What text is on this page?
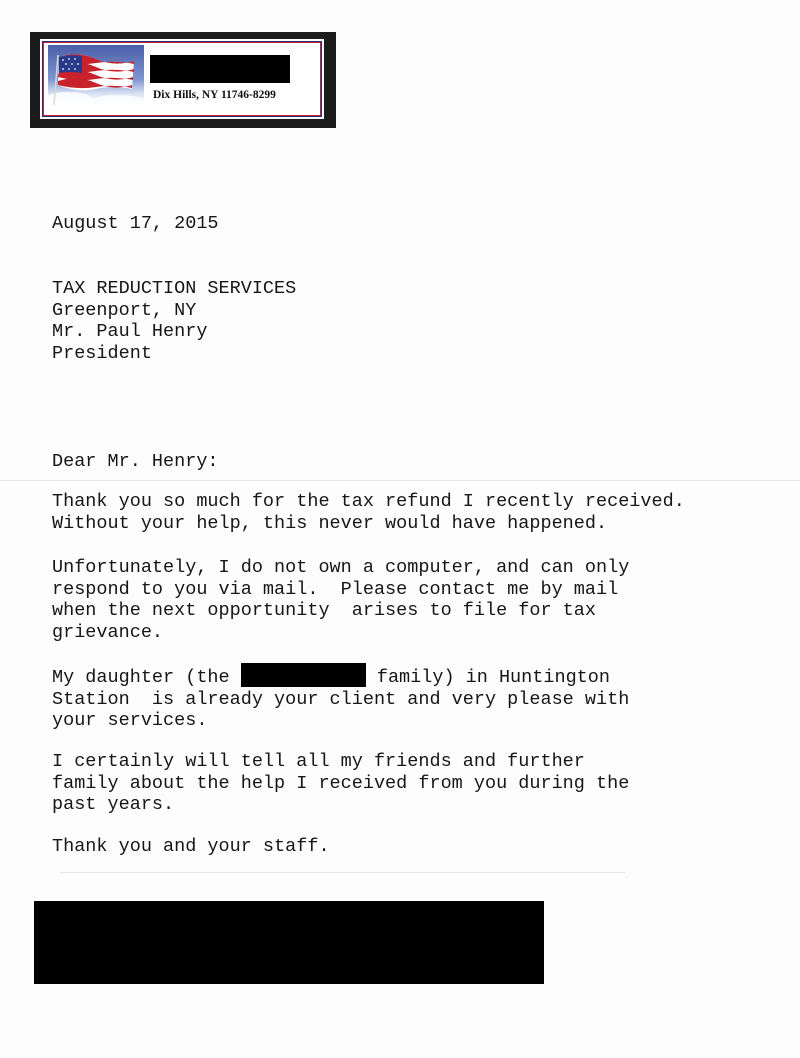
Dix Hills, NY 11746-8299
August 17, 2015
TAX REDUCTION SERVICES
Greenport, NY
Mr. Paul Henry
President
Dear Mr. Henry:
Thank you so much for the tax refund I recently received.
Without your help, this never would have happened.
Unfortunately, I do not own a computer, and can only
respond to you via mail.  Please contact me by mail
when the next opportunity  arises to file for tax
grievance.
My daughter (the	family) in Huntington
Station  is already your client and very please with
your services.
I certainly will tell all my friends and further
family about the help I received from you during the
past years.
Thank you and your staff.
